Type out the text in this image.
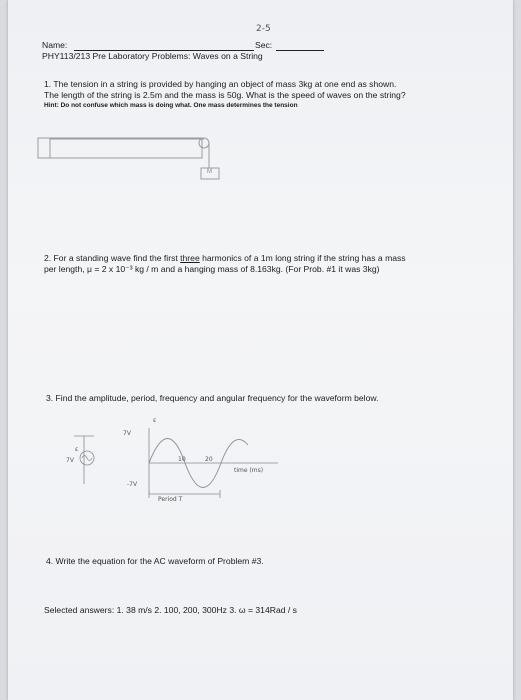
2-5
Name:	Sec:
PHY113/213 Pre Laboratory Problems: Waves on a String
1. The tension in a string is provided by hanging an object of mass 3kg at one end as shown.
The length of the string is 2.5m and the mass is 50g. What is the speed of waves on the string?
Hint: Do not confuse which mass is doing what. One mass determines the tension
M
2. For a standing wave find the first three harmonics of a 1m long string if the string has a mass
per length, μ = 2 x 10⁻³ kg / m and a hanging mass of 8.163kg. (For Prob. #1 it was 3kg)
3. Find the amplitude, period, frequency and angular frequency for the waveform below.
ε
ε
7V
7V
-7V
10	20
time (ms)
Period T
4. Write the equation for the AC waveform of Problem #3.
Selected answers: 1. 38 m/s 2. 100, 200, 300Hz 3. ω = 314Rad / s
